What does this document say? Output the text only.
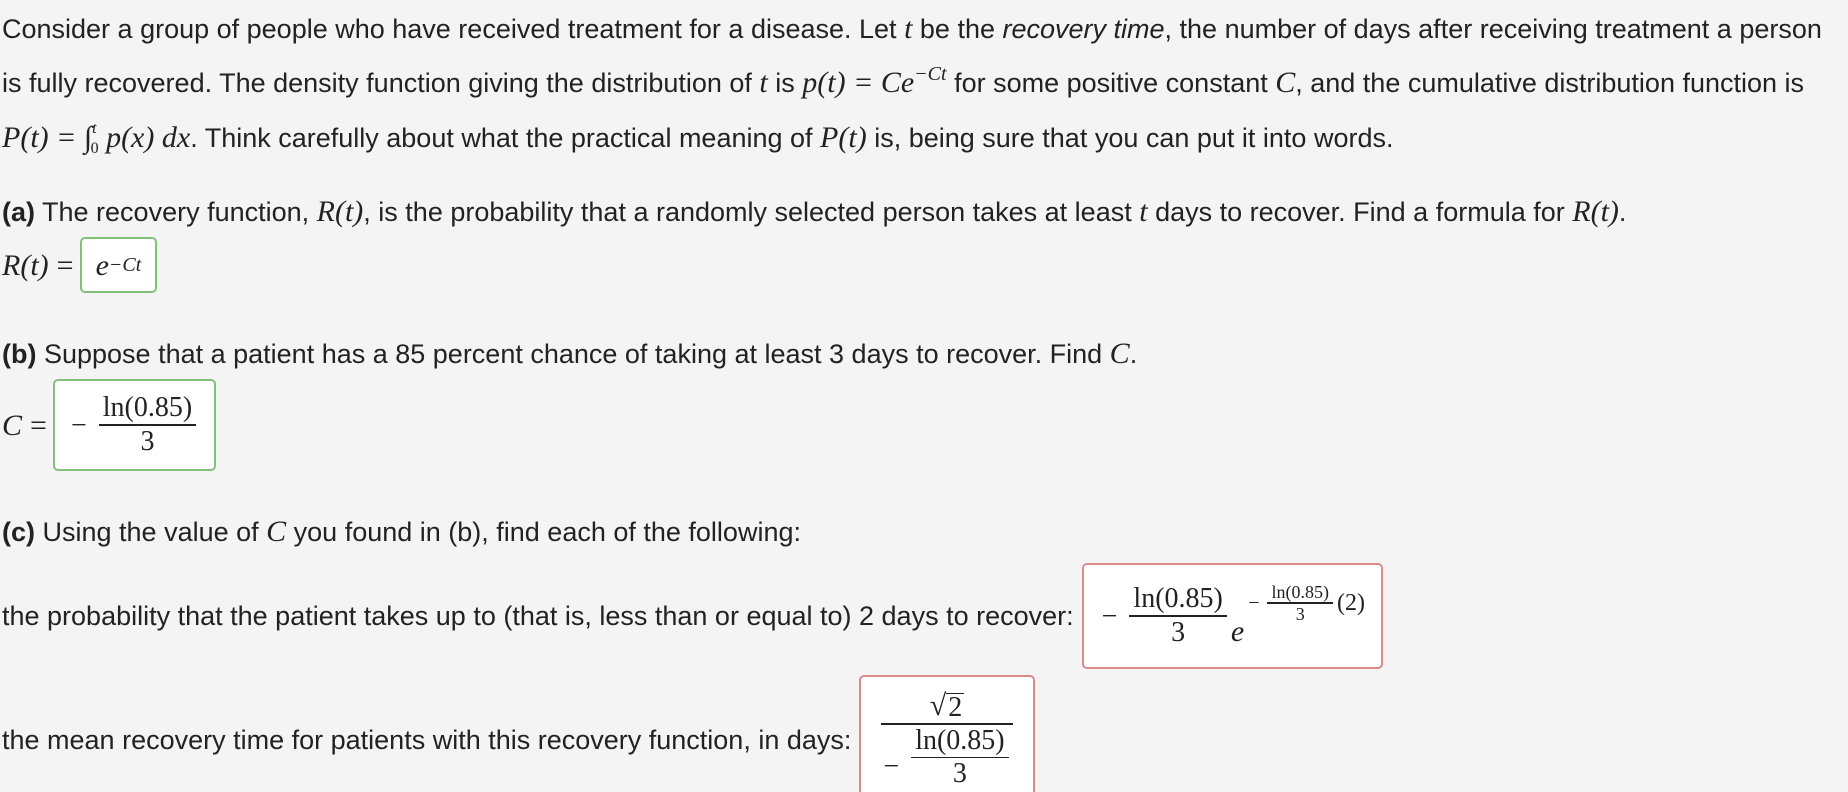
Consider a group of people who have received treatment for a disease. Let t be the recovery time, the number of days after receiving treatment a person is fully recovered. The density function giving the distribution of t is $p(t) = Ce^{-Ct}$ for some positive constant C, and the cumulative distribution function is P(t) = ∫$^t_0$ p(x) dx. Think carefully about what the practical meaning of P(t) is, being sure that you can put it into words.

(a) The recovery function, R(t), is the probability that a randomly selected person takes at least t days to recover. Find a formula for R(t).

R(t) = e −Ct

(b) Suppose that a patient has a 85 percent chance of taking at least 3 days to recover. Find C.

C = − $\frac{\ln(0.85)}{3}$

(c) Using the value of C you found in (b), find each of the following:

the probability that the patient takes up to (that is, less than or equal to) 2 days to recover: − $\frac{\ln(0.85)}{3}$ e
− $\frac{\ln(0.85)}{3} (2)$
the mean recovery time for patients with this recovery function, in days:
√ 2
− $\frac{\ln(0.85)}{3}$
